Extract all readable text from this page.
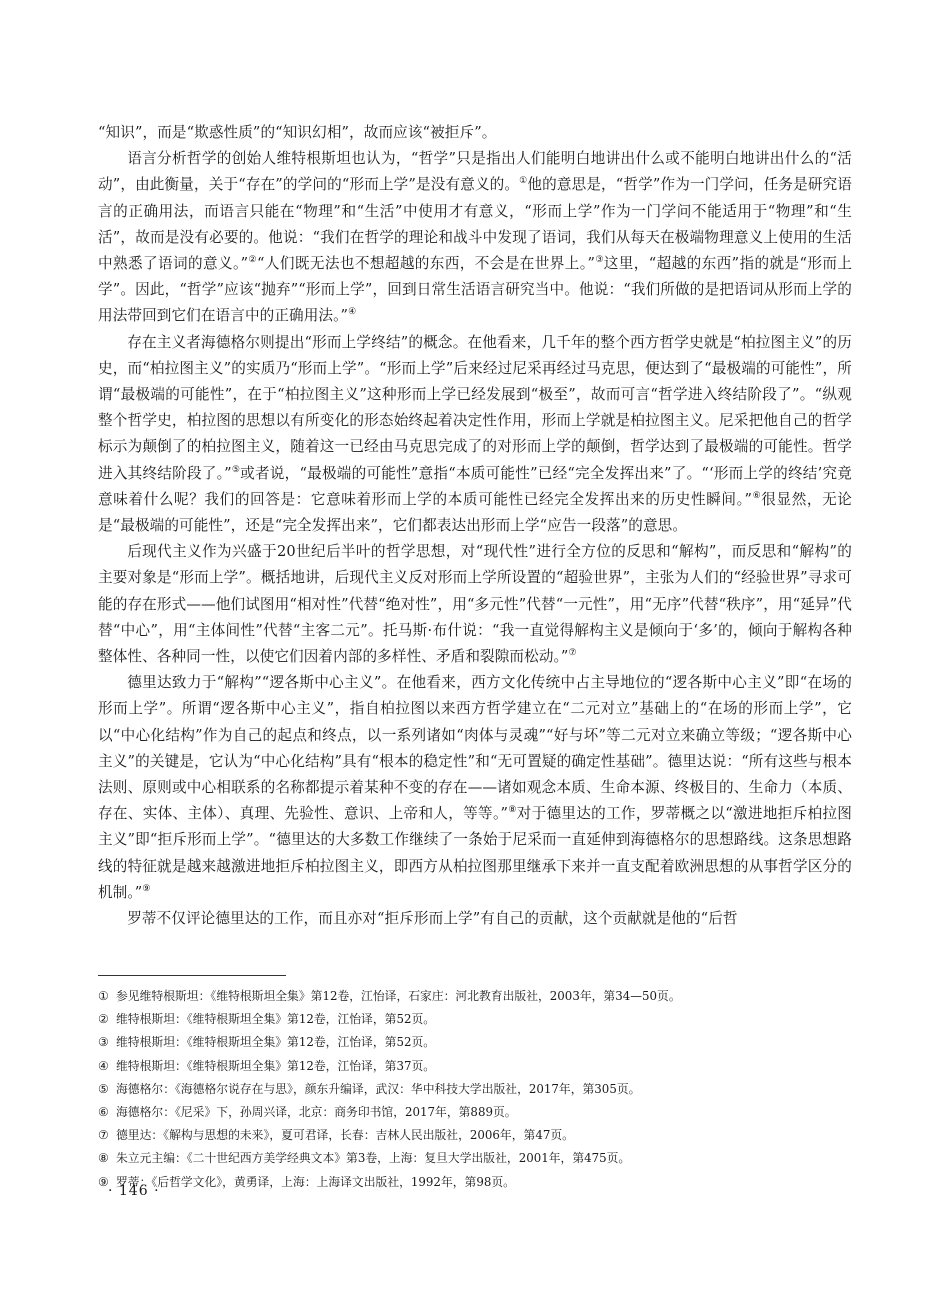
“知识”，而是“欺惑性质”的“知识幻相”，故而应该“被拒斥”。

语言分析哲学的创始人维特根斯坦也认为，“哲学”只是指出人们能明白地讲出什么或不能明白地讲出什么的“活动”，由此衡量，关于“存在”的学问的“形而上学”是没有意义的。①他的意思是，“哲学”作为一门学问，任务是研究语言的正确用法，而语言只能在“物理”和“生活”中使用才有意义，“形而上学”作为一门学问不能适用于“物理”和“生活”，故而是没有必要的。他说：“我们在哲学的理论和战斗中发现了语词，我们从每天在极端物理意义上使用的生活中熟悉了语词的意义。”②“人们既无法也不想超越的东西，不会是在世界上。”③这里，“超越的东西”指的就是“形而上学”。因此，“哲学”应该“抛弃”“形而上学”，回到日常生活语言研究当中。他说：“我们所做的是把语词从形而上学的用法带回到它们在语言中的正确用法。”④

存在主义者海德格尔则提出“形而上学终结”的概念。在他看来，几千年的整个西方哲学史就是“柏拉图主义”的历史，而“柏拉图主义”的实质乃“形而上学”。“形而上学”后来经过尼采再经过马克思，便达到了“最极端的可能性”，所谓“最极端的可能性”，在于“柏拉图主义”这种形而上学已经发展到“极至”，故而可言“哲学进入终结阶段了”。“纵观整个哲学史，柏拉图的思想以有所变化的形态始终起着决定性作用，形而上学就是柏拉图主义。尼采把他自己的哲学标示为颠倒了的柏拉图主义，随着这一已经由马克思完成了的对形而上学的颠倒，哲学达到了最极端的可能性。哲学进入其终结阶段了。”⑤或者说，“最极端的可能性”意指“本质可能性”已经“完全发挥出来”了。“‘形而上学的终结’究竟意味着什么呢？我们的回答是：它意味着形而上学的本质可能性已经完全发挥出来的历史性瞬间。”⑥很显然，无论是“最极端的可能性”，还是“完全发挥出来”，它们都表达出形而上学“应告一段落”的意思。

后现代主义作为兴盛于20世纪后半叶的哲学思想，对“现代性”进行全方位的反思和“解构”，而反思和“解构”的主要对象是“形而上学”。概括地讲，后现代主义反对形而上学所设置的“超验世界”，主张为人们的“经验世界”寻求可能的存在形式——他们试图用“相对性”代替“绝对性”，用“多元性”代替“一元性”，用“无序”代替“秩序”，用“延异”代替“中心”，用“主体间性”代替“主客二元”。托马斯·布什说：“我一直觉得解构主义是倾向于‘多’的，倾向于解构各种整体性、各种同一性，以使它们因着内部的多样性、矛盾和裂隙而松动。”⑦

德里达致力于“解构”“逻各斯中心主义”。在他看来，西方文化传统中占主导地位的“逻各斯中心主义”即“在场的形而上学”。所谓“逻各斯中心主义”，指自柏拉图以来西方哲学建立在“二元对立”基础上的“在场的形而上学”，它以“中心化结构”作为自己的起点和终点，以一系列诸如“肉体与灵魂”“好与坏”等二元对立来确立等级；“逻各斯中心主义”的关键是，它认为“中心化结构”具有“根本的稳定性”和“无可置疑的确定性基础”。德里达说：“所有这些与根本法则、原则或中心相联系的名称都提示着某种不变的存在——诸如观念本质、生命本源、终极目的、生命力（本质、存在、实体、主体）、真理、先验性、意识、上帝和人，等等。”⑧对于德里达的工作，罗蒂概之以“激进地拒斥柏拉图主义”即“拒斥形而上学”。“德里达的大多数工作继续了一条始于尼采而一直延伸到海德格尔的思想路线。这条思想路线的特征就是越来越激进地拒斥柏拉图主义，即西方从柏拉图那里继承下来并一直支配着欧洲思想的从事哲学区分的机制。”⑨

罗蒂不仅评论德里达的工作，而且亦对“拒斥形而上学”有自己的贡献，这个贡献就是他的“后哲

① 参见维特根斯坦：《维特根斯坦全集》第12卷，江怡译，石家庄：河北教育出版社，2003年，第34—50页。
② 维特根斯坦：《维特根斯坦全集》第12卷，江怡译，第52页。
③ 维特根斯坦：《维特根斯坦全集》第12卷，江怡译，第52页。
④ 维特根斯坦：《维特根斯坦全集》第12卷，江怡译，第37页。
⑤ 海德格尔：《海德格尔说存在与思》，颜东升编译，武汉：华中科技大学出版社，2017年，第305页。
⑥ 海德格尔：《尼采》下，孙周兴译，北京：商务印书馆，2017年，第889页。
⑦ 德里达：《解构与思想的未来》，夏可君译，长春：吉林人民出版社，2006年，第47页。
⑧ 朱立元主编：《二十世纪西方美学经典文本》第3卷，上海：复旦大学出版社，2001年，第475页。
⑨ 罗蒂：《后哲学文化》，黄勇译，上海：上海译文出版社，1992年，第98页。
· 146 ·
